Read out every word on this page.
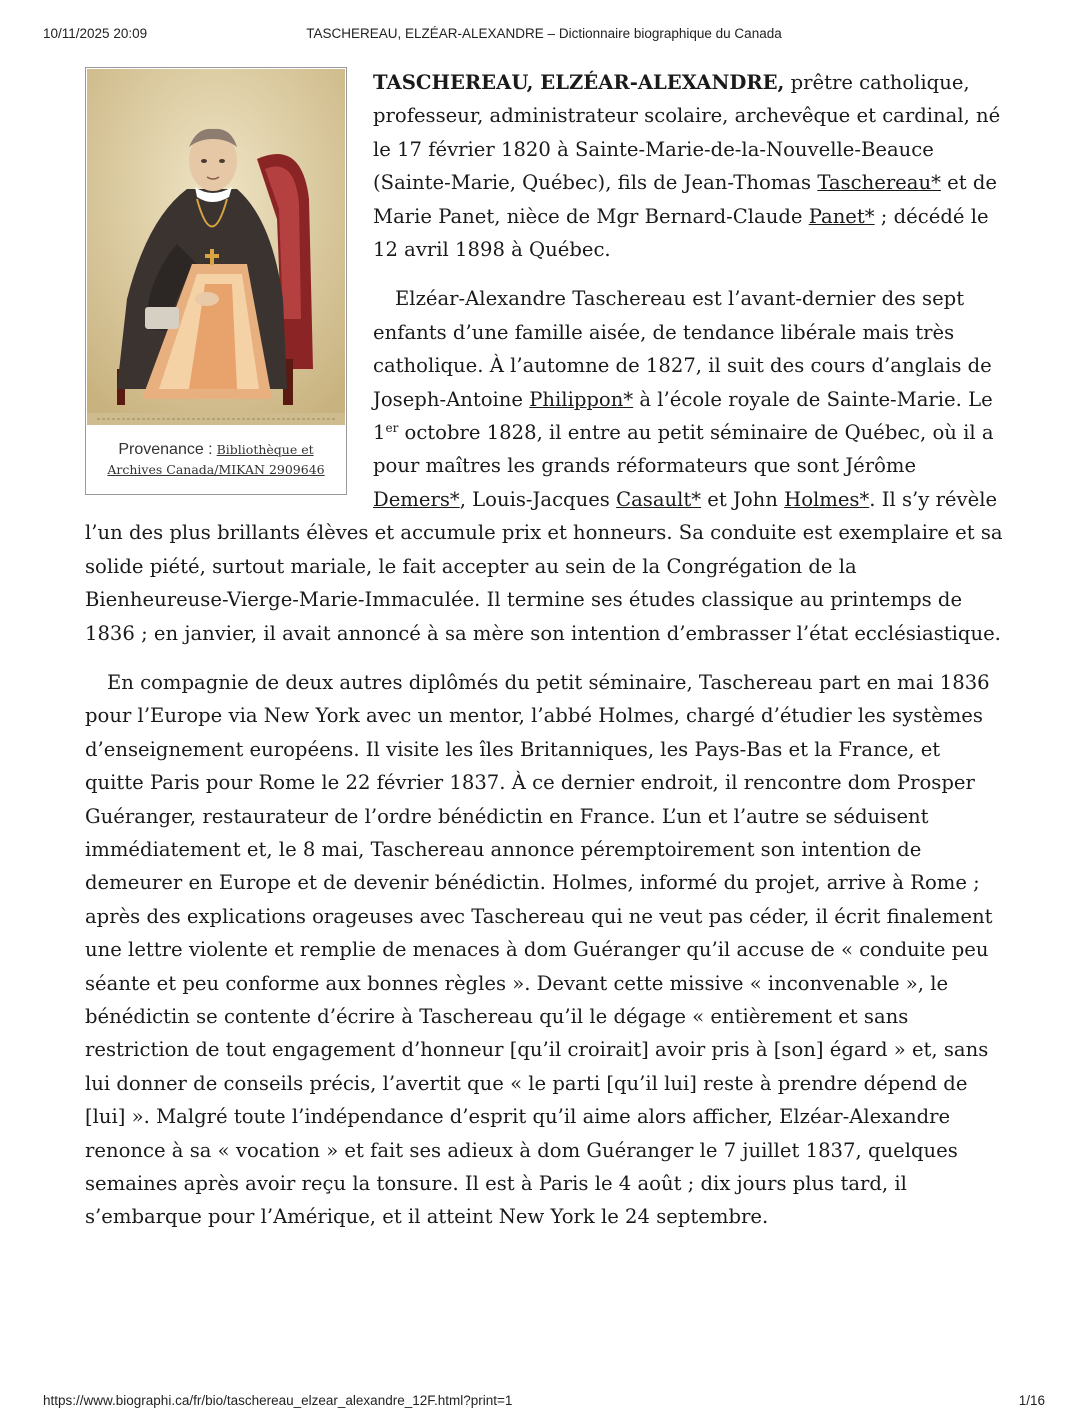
10/11/2025 20:09	TASCHEREAU, ELZÉAR-ALEXANDRE – Dictionnaire biographique du Canada
Provenance : Bibliothèque et Archives Canada/MIKAN 2909646

TASCHEREAU, ELZÉAR-ALEXANDRE, prêtre catholique, professeur, administrateur scolaire, archevêque et cardinal, né le 17 février 1820 à Sainte-Marie-de-la-Nouvelle-Beauce (Sainte-Marie, Québec), fils de Jean-Thomas Taschereau* et de Marie Panet, nièce de Mgr Bernard-Claude Panet* ; décédé le 12 avril 1898 à Québec.

Elzéar-Alexandre Taschereau est l’avant-dernier des sept enfants d’une famille aisée, de tendance libérale mais très catholique. À l’automne de 1827, il suit des cours d’anglais de Joseph-Antoine Philippon* à l’école royale de Sainte-Marie. Le 1er octobre 1828, il entre au petit séminaire de Québec, où il a pour maîtres les grands réformateurs que sont Jérôme Demers*, Louis-Jacques Casault* et John Holmes*. Il s’y révèle l’un des plus brillants élèves et accumule prix et honneurs. Sa conduite est exemplaire et sa solide piété, surtout mariale, le fait accepter au sein de la Congrégation de la Bienheureuse-Vierge-Marie-Immaculée. Il termine ses études classique au printemps de 1836 ; en janvier, il avait annoncé à sa mère son intention d’embrasser l’état ecclésiastique.

En compagnie de deux autres diplômés du petit séminaire, Taschereau part en mai 1836 pour l’Europe via New York avec un mentor, l’abbé Holmes, chargé d’étudier les systèmes d’enseignement européens. Il visite les îles Britanniques, les Pays-Bas et la France, et quitte Paris pour Rome le 22 février 1837. À ce dernier endroit, il rencontre dom Prosper Guéranger, restaurateur de l’ordre bénédictin en France. L’un et l’autre se séduisent immédiatement et, le 8 mai, Taschereau annonce péremptoirement son intention de demeurer en Europe et de devenir bénédictin. Holmes, informé du projet, arrive à Rome ; après des explications orageuses avec Taschereau qui ne veut pas céder, il écrit finalement une lettre violente et remplie de menaces à dom Guéranger qu’il accuse de « conduite peu séante et peu conforme aux bonnes règles ». Devant cette missive « inconvenable », le bénédictin se contente d’écrire à Taschereau qu’il le dégage « entièrement et sans restriction de tout engagement d’honneur [qu’il croirait] avoir pris à [son] égard » et, sans lui donner de conseils précis, l’avertit que « le parti [qu’il lui] reste à prendre dépend de [lui] ». Malgré toute l’indépendance d’esprit qu’il aime alors afficher, Elzéar-Alexandre renonce à sa « vocation » et fait ses adieux à dom Guéranger le 7 juillet 1837, quelques semaines après avoir reçu la tonsure. Il est à Paris le 4 août ; dix jours plus tard, il s’embarque pour l’Amérique, et il atteint New York le 24 septembre.

https://www.biographi.ca/fr/bio/taschereau_elzear_alexandre_12F.html?print=1	1/16
